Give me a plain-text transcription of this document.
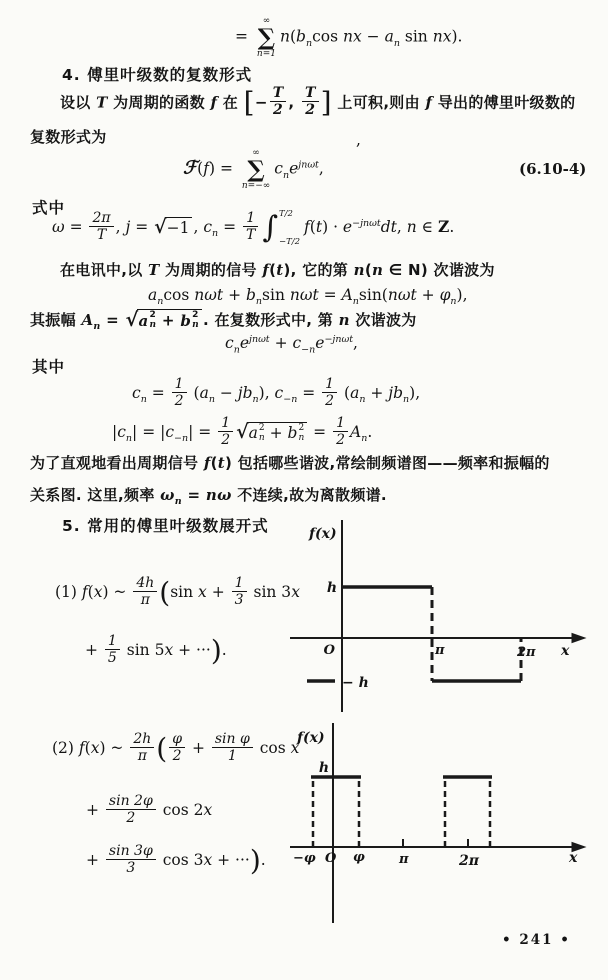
=
∞
∑
n=1
$n(b_n\cos$ nx − $a_n$ sin nx).
4. 傅里叶级数的复数形式
设以 T 为周期的函数 f 在 [− $\frac{T}{2}$ , $\frac{T}{2}$ ] 上可积,则由 f 导出的傅里叶级数的
复数形式为	,
ℱ(f) =
∞
∑
n=−∞
$c_ne^{jn\omega t}$,	(6.10-4)
式中
$\omega = \frac{2\pi}{T}$ , j = √−1 , $c_n = \frac{1}{T}$ ∫ T/2
−T/2
$f(t) \cdot e^{-jn\omega t}dt$, n ∈ Z.
在电讯中,以 T 为周期的信号 f(t), 它的第 n(n ∈ N) 次谐波为
$a_n\cos$ $n\omega t + b_n\sin$ $n\omega t = A_n\sin(n\omega t + \varphi_n)$,
其振幅 $A_n$ = √ a 2
n + b 2
n . 在复数形式中, 第 n 次谐波为
$c_ne^{jn\omega t} + c_{-n}e^{-jn\omega t}$,
其中
$c_n = \frac{1}{2} (a_n - jb_n)$, $c_{-n} = \frac{1}{2} (a_n + jb_n)$,
$|c_n| = |c_{-n}| = \frac{1}{2}$ √ a 2
n + b 2
$n = \frac{1}{2} A_n$.
为了直观地看出周期信号 f(t) 包括哪些谐波,常绘制频谱图——频率和振幅的
关系图. 这里,频率 $\omega_n = n\omega$ 不连续,故为离散频谱.
5. 常用的傅里叶级数展开式
(1) f(x) ~ $\frac{4h}{\pi} (\sin$ $x + \frac{1}{3}$ sin 3x
+ $\frac{1}{5}$ sin 5x + ···).
f(x)
h
O	π	2π x
− h
(2) f(x) ~ $\frac{2h}{\pi}$ ( $\frac{\varphi}{2} + \frac{\text{sin φ}}{1}$ cos x
+ $\frac{\sin 2\varphi}{2}$ cos 2x
+ $\frac{\sin 3\varphi}{3}$ cos 3x + ···).
f(x)
h
−φ O φ	π	2π	x
• 241 •
